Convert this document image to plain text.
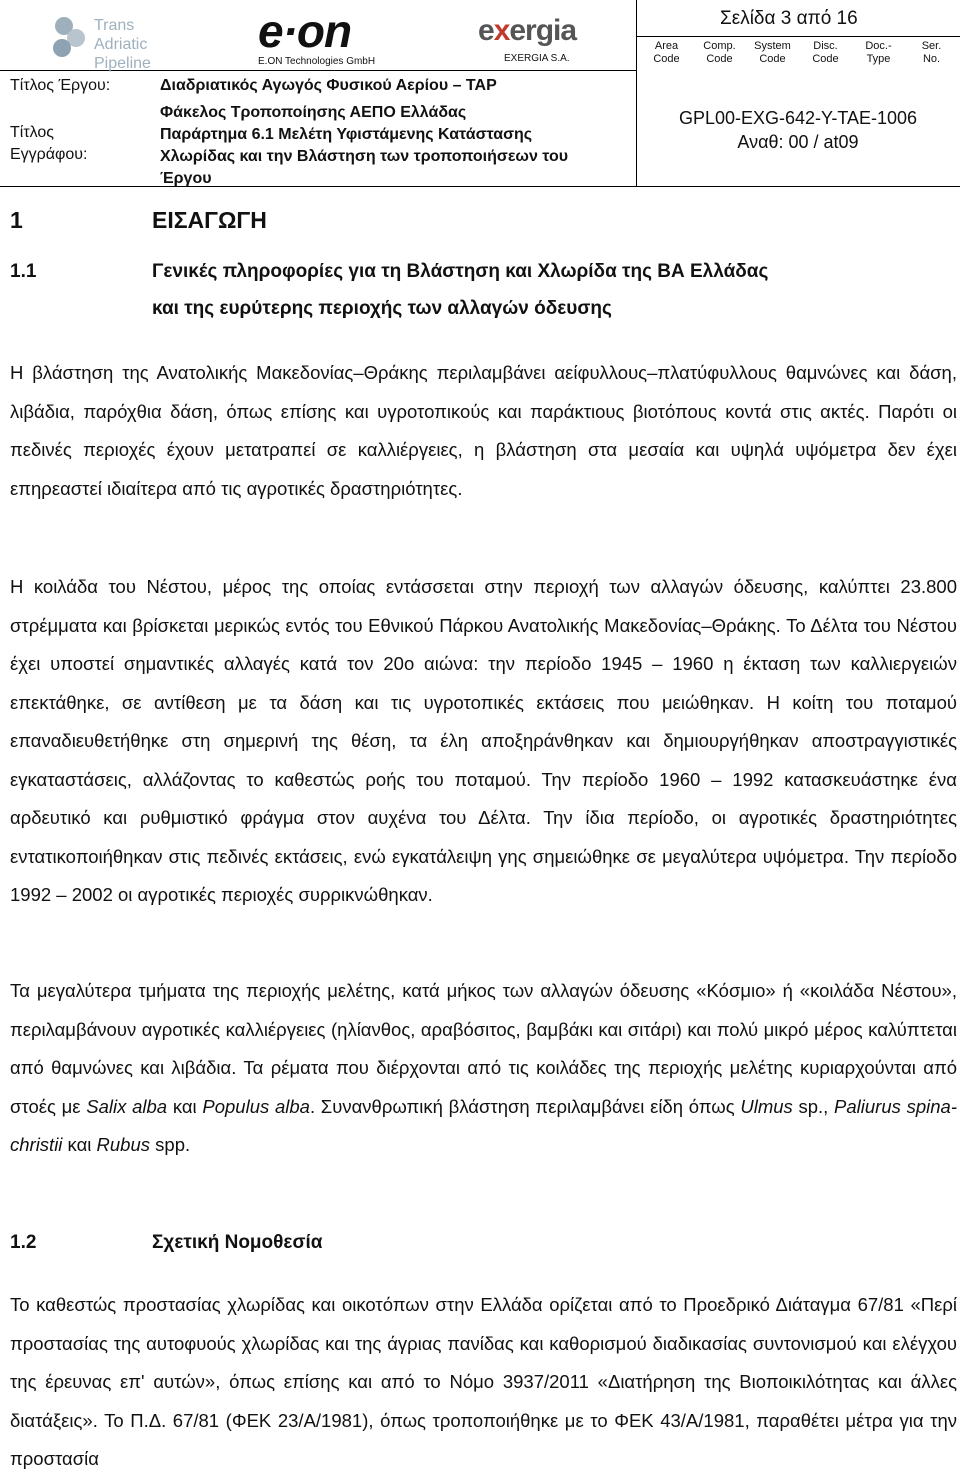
Trans Adriatic
Pipeline
e·on
E.ON Technologies GmbH
exergia
EXERGIA S.A.
Σελίδα 3 από 16
Area
Code
Comp.
Code
System
Code
Disc.
Code
Doc.-
Type
Ser.
No.
Τίτλος Έργου:	Διαδριατικός Αγωγός Φυσικού Αερίου – TAP
Τίτλος
Εγγράφου:
Φάκελος Τροποποίησης ΑΕΠΟ Ελλάδας
Παράρτημα 6.1 Μελέτη Υφιστάμενης Κατάστασης
Χλωρίδας και την Βλάστηση των τροποποιήσεων του
Έργου
GPL00-EXG-642-Y-TAE-1006
Αναθ: 00 / at09
1	ΕΙΣΑΓΩΓΗ
1.1	Γενικές πληροφορίες για τη Βλάστηση και Χλωρίδα της ΒΑ Ελλάδας
και της ευρύτερης περιοχής των αλλαγών όδευσης

Η βλάστηση της Ανατολικής Μακεδονίας–Θράκης περιλαμβάνει αείφυλλους–πλατύφυλλους θαμνώνες και δάση, λιβάδια, παρόχθια δάση, όπως επίσης και υγροτοπικούς και παράκτιους βιοτόπους κοντά στις ακτές. Παρότι οι πεδινές περιοχές έχουν μετατραπεί σε καλλιέργειες, η βλάστηση στα μεσαία και υψηλά υψόμετρα δεν έχει επηρεαστεί ιδιαίτερα από τις αγροτικές δραστηριότητες.

Η κοιλάδα του Νέστου, μέρος της οποίας εντάσσεται στην περιοχή των αλλαγών όδευσης, καλύπτει 23.800 στρέμματα και βρίσκεται μερικώς εντός του Εθνικού Πάρκου Ανατολικής Μακεδονίας–Θράκης. Το Δέλτα του Νέστου έχει υποστεί σημαντικές αλλαγές κατά τον 20ο αιώνα: την περίοδο 1945 – 1960 η έκταση των καλλιεργειών επεκτάθηκε, σε αντίθεση με τα δάση και τις υγροτοπικές εκτάσεις που μειώθηκαν. Η κοίτη του ποταμού επαναδιευθετήθηκε στη σημερινή της θέση, τα έλη αποξηράνθηκαν και δημιουργήθηκαν αποστραγγιστικές εγκαταστάσεις, αλλάζοντας το καθεστώς ροής του ποταμού. Την περίοδο 1960 – 1992 κατασκευάστηκε ένα αρδευτικό και ρυθμιστικό φράγμα στον αυχένα του Δέλτα. Την ίδια περίοδο, οι αγροτικές δραστηριότητες εντατικοποιήθηκαν στις πεδινές εκτάσεις, ενώ εγκατάλειψη γης σημειώθηκε σε μεγαλύτερα υψόμετρα. Την περίοδο 1992 – 2002 οι αγροτικές περιοχές συρρικνώθηκαν.

Τα μεγαλύτερα τμήματα της περιοχής μελέτης, κατά μήκος των αλλαγών όδευσης «Κόσμιο» ή «κοιλάδα Νέστου», περιλαμβάνουν αγροτικές καλλιέργειες (ηλίανθος, αραβόσιτος, βαμβάκι και σιτάρι) και πολύ μικρό μέρος καλύπτεται από θαμνώνες και λιβάδια. Τα ρέματα που διέρχονται από τις κοιλάδες της περιοχής μελέτης κυριαρχούνται από στοές με Salix alba και Populus alba. Συνανθρωπική βλάστηση περιλαμβάνει είδη όπως Ulmus sp., Paliurus spina-christii και Rubus spp.

1.2	Σχετική Νομοθεσία

Το καθεστώς προστασίας χλωρίδας και οικοτόπων στην Ελλάδα ορίζεται από το Προεδρικό Διάταγμα 67/81 «Περί προστασίας της αυτοφυούς χλωρίδας και της άγριας πανίδας και καθορισμού διαδικασίας συντονισμού και ελέγχου της έρευνας επ' αυτών», όπως επίσης και από το Νόμο 3937/2011 «Διατήρηση της Βιοποικιλότητας και άλλες διατάξεις». Το Π.Δ. 67/81 (ΦΕΚ 23/Α/1981), όπως τροποποιήθηκε με το ΦΕΚ 43/Α/1981, παραθέτει μέτρα για την προστασία
